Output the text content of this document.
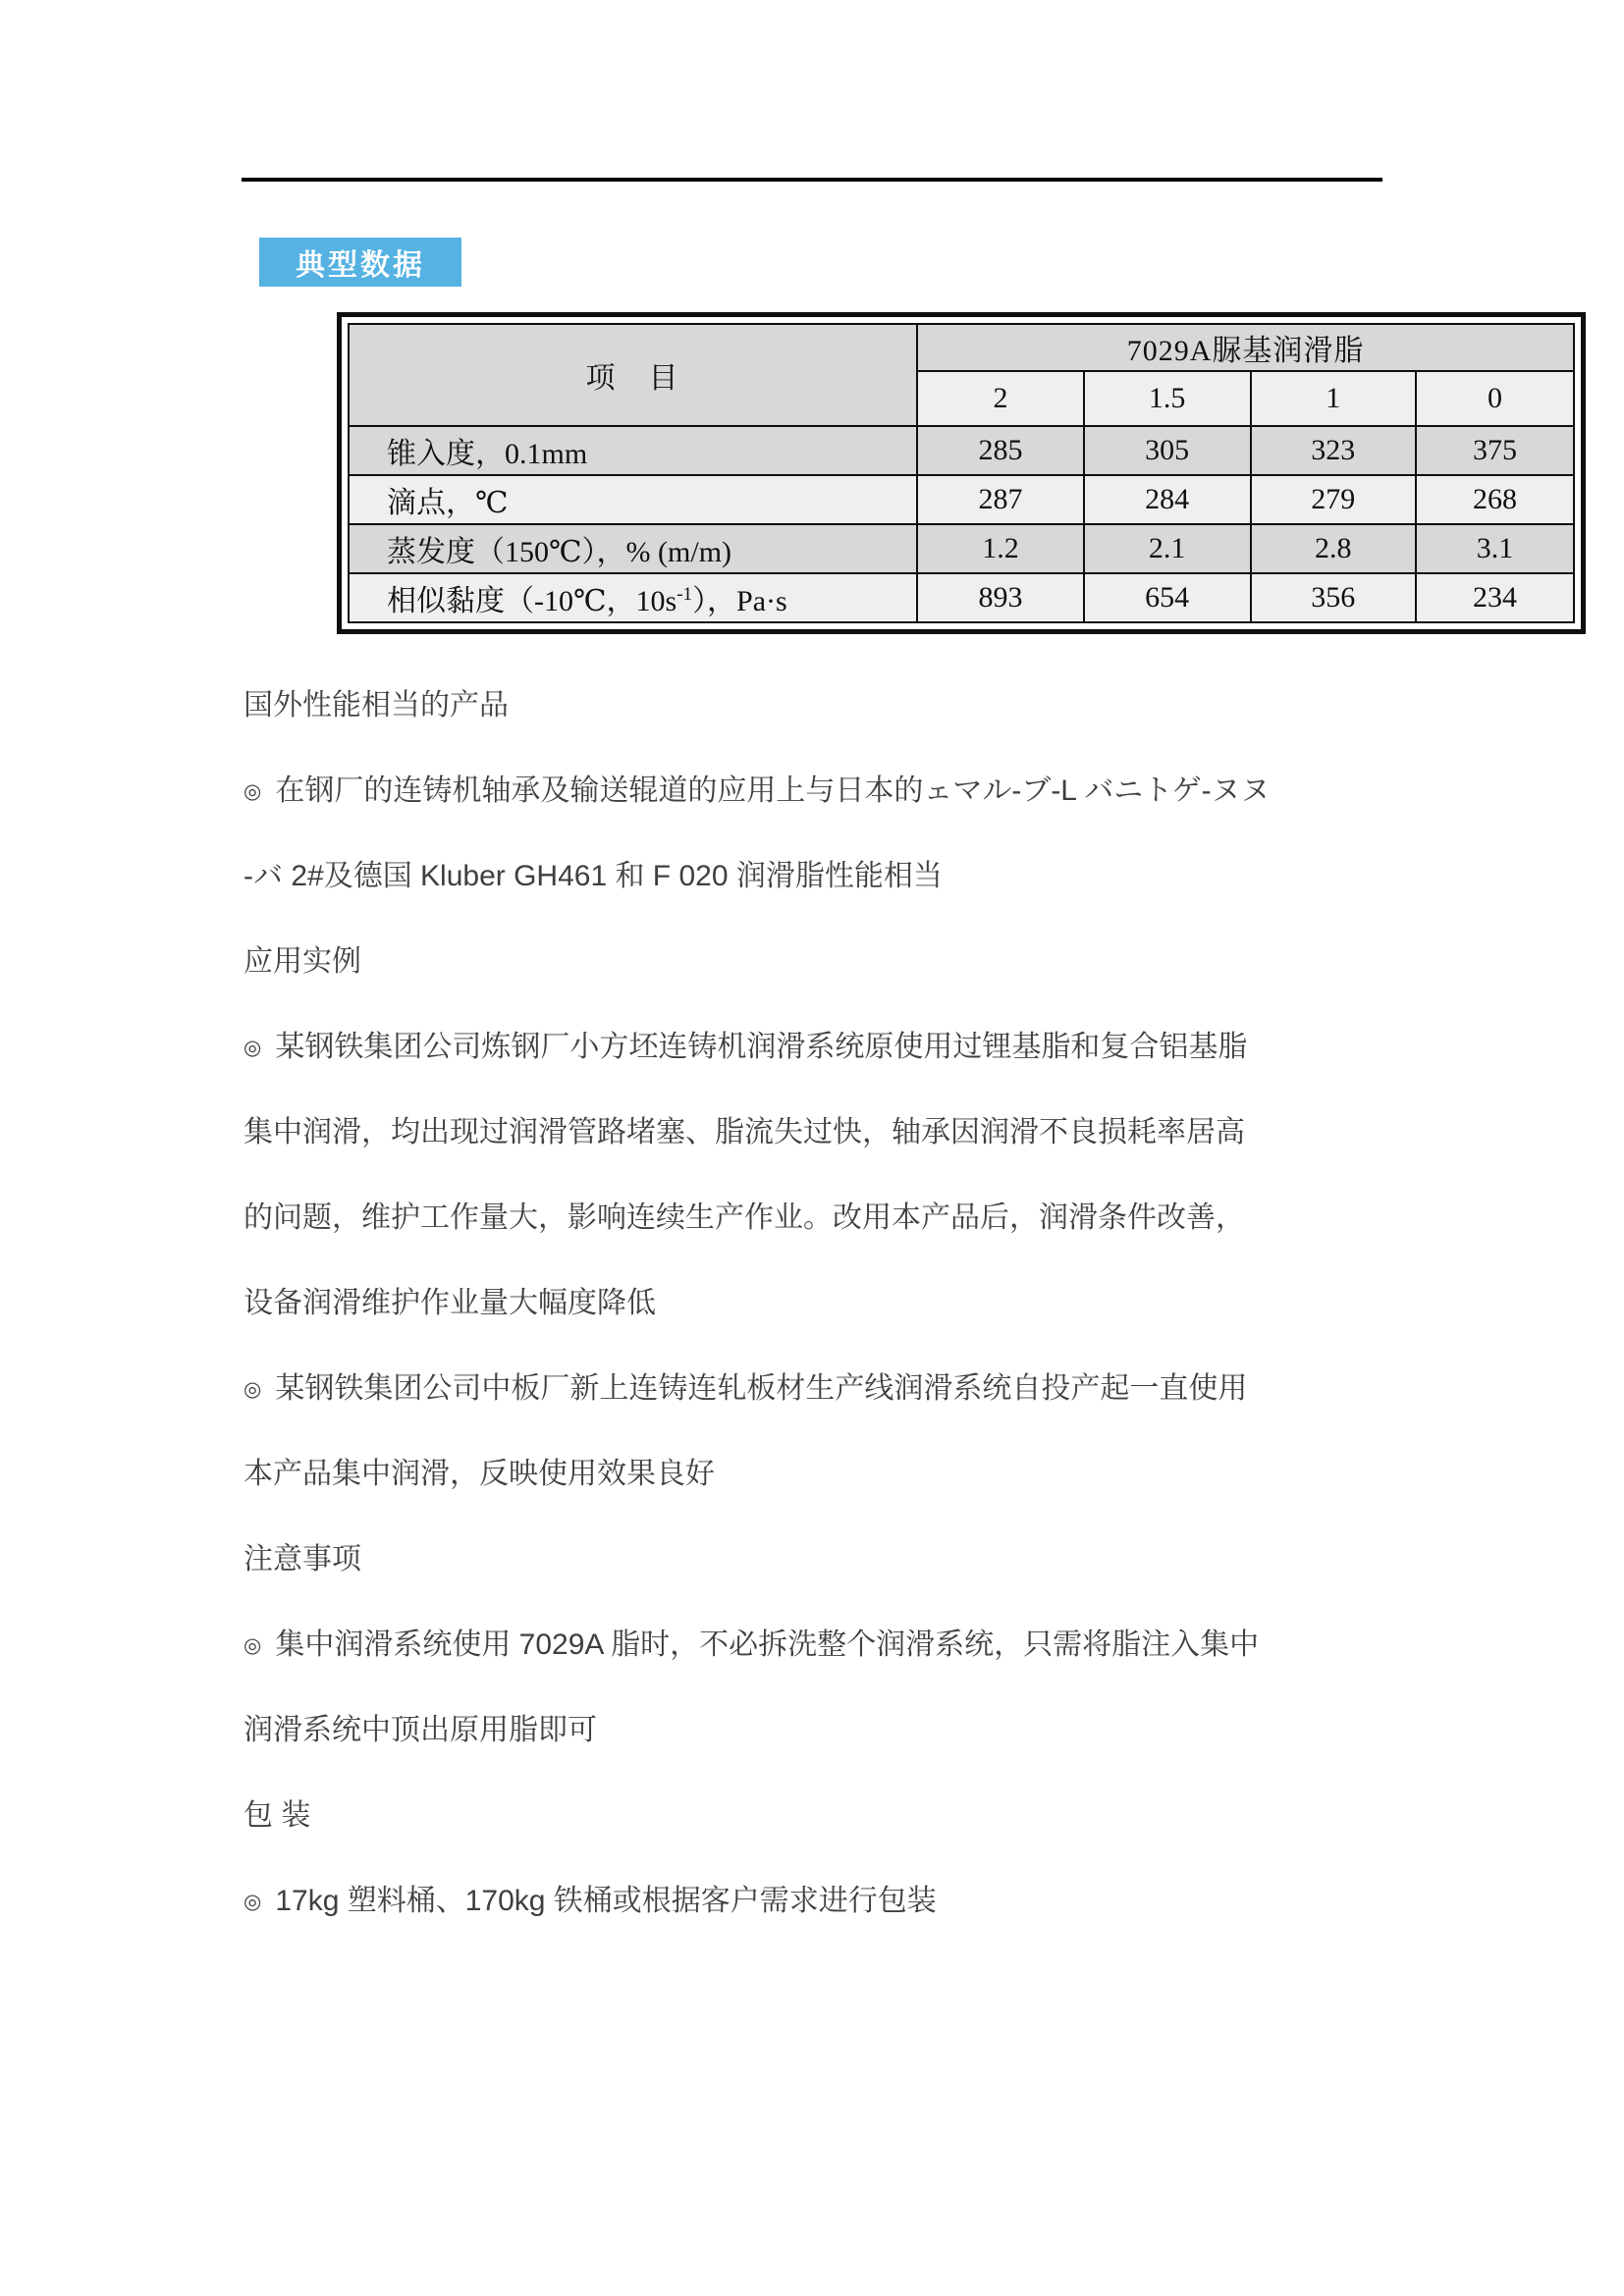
典型数据
项　目	7029A脲基润滑脂			
	2	1.5	1	0
锥入度，0.1mm	285	305	323	375
滴点，℃	287	284	279	268
蒸发度（150℃），% (m/m)	1.2	2.1	2.8	3.1
相似黏度（-10℃，$10s^{-1}$），Pa·s	893	654	356	234

国外性能相当的产品

◎ 在钢厂的连铸机轴承及输送辊道的应用上与日本的ェマル-ブ-L バニトゲ-ヌヌ

-バ 2#及德国 Kluber GH461 和 F 020 润滑脂性能相当

应用实例

◎ 某钢铁集团公司炼钢厂小方坯连铸机润滑系统原使用过锂基脂和复合铝基脂

集中润滑，均出现过润滑管路堵塞、脂流失过快，轴承因润滑不良损耗率居高

的问题，维护工作量大，影响连续生产作业。改用本产品后，润滑条件改善，

设备润滑维护作业量大幅度降低

◎ 某钢铁集团公司中板厂新上连铸连轧板材生产线润滑系统自投产起一直使用

本产品集中润滑，反映使用效果良好

注意事项

◎ 集中润滑系统使用 7029A 脂时，不必拆洗整个润滑系统，只需将脂注入集中

润滑系统中顶出原用脂即可

包 装

◎ 17kg 塑料桶、170kg 铁桶或根据客户需求进行包装
